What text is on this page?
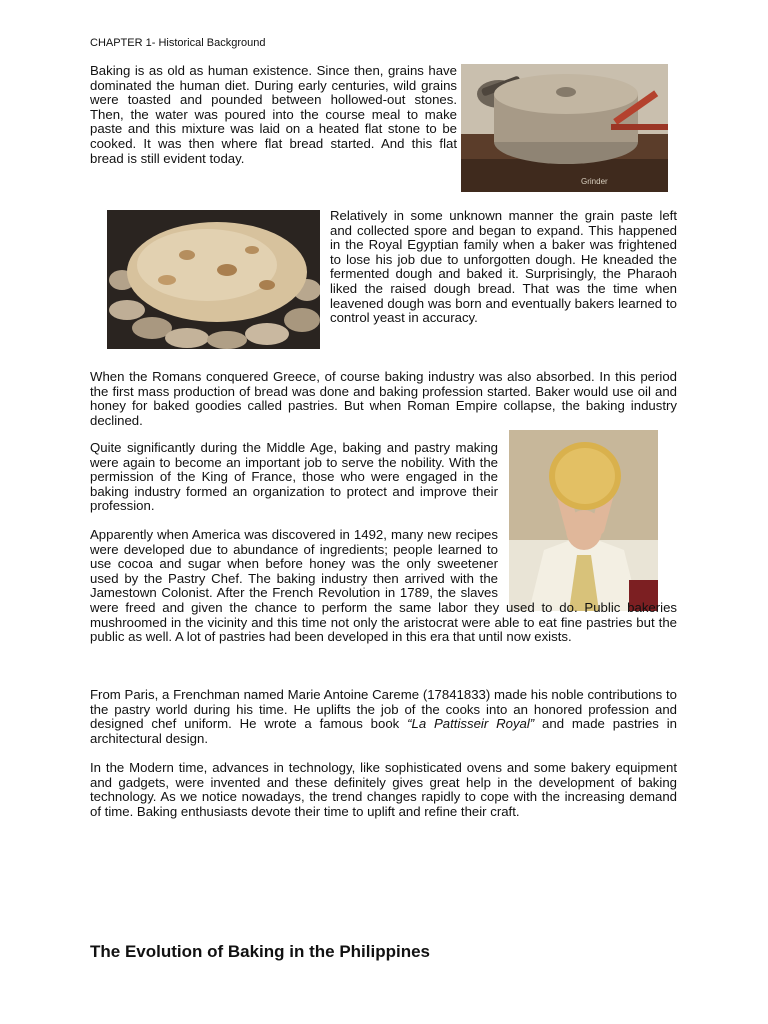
CHAPTER 1- Historical Background

Baking is as old as human existence. Since then, grains have dominated the human diet. During early centuries, wild grains were toasted and pounded between hollowed-out stones. Then, the water was poured into the course meal to make paste and this mixture was laid on a heated flat stone to be cooked. It was then where flat bread started. And this flat bread is still evident today.

Grinder

Relatively in some unknown manner the grain paste left and collected spore and began to expand. This happened in the Royal Egyptian family when a baker was frightened to lose his job due to unforgotten dough. He kneaded the fermented dough and baked it. Surprisingly, the Pharaoh liked the raised dough bread. That was the time when leavened dough was born and eventually bakers learned to control yeast in accuracy.

When the Romans conquered Greece, of course baking industry was also absorbed. In this period the first mass production of bread was done and baking profession started. Baker would use oil and honey for baked goodies called pastries. But when Roman Empire collapse, the baking industry declined.

Quite significantly during the Middle Age, baking and pastry making were again to become an important job to serve the nobility. With the permission of the King of France, those who were engaged in the baking industry formed an organization to protect and improve their profession.

Apparently when America was discovered in 1492, many new recipes were developed due to abundance of ingredients; people learned to use cocoa and sugar when before honey was the only sweetener used by the Pastry Chef. The baking industry then arrived with the Jamestown Colonist. After the French Revolution in 1789, the slaves
were freed and given the chance to perform the same labor they used to do. Public bakeries mushroomed in the vicinity and this time not only the aristocrat were able to eat fine pastries but the public as well. A lot of pastries had been developed in this era that until now exists.

From Paris, a Frenchman named Marie Antoine Careme (17841833) made his noble contributions to the pastry world during his time. He uplifts the job of the cooks into an honored profession and designed chef uniform. He wrote a famous book “La Pattisseir Royal” and made pastries in architectural design.

In the Modern time, advances in technology, like sophisticated ovens and some bakery equipment and gadgets, were invented and these definitely gives great help in the development of baking technology. As we notice nowadays, the trend changes rapidly to cope with the increasing demand of time. Baking enthusiasts devote their time to uplift and refine their craft.

The Evolution of Baking in the Philippines
